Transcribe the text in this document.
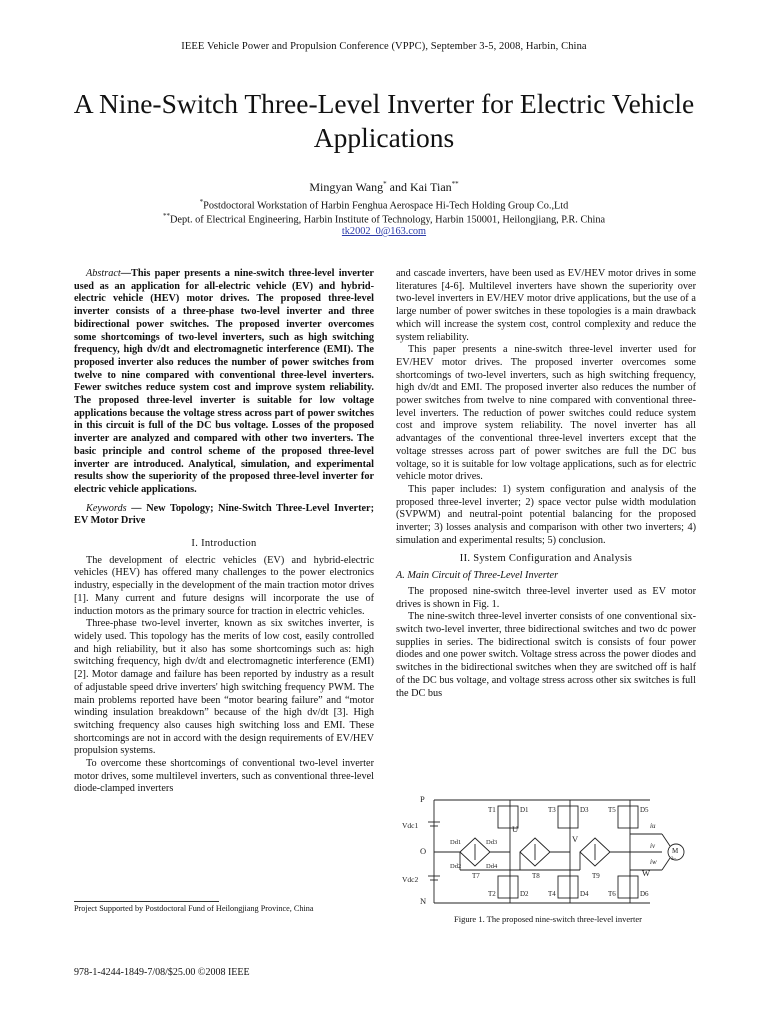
IEEE Vehicle Power and Propulsion Conference (VPPC), September 3-5, 2008, Harbin, China
A Nine-Switch Three-Level Inverter for Electric Vehicle Applications
Mingyan Wang* and Kai Tian**
*Postdoctoral Workstation of Harbin Fenghua Aerospace Hi-Tech Holding Group Co.,Ltd
**Dept. of Electrical Engineering, Harbin Institute of Technology, Harbin 150001, Heilongjiang, P.R. China
tk2002_0@163.com

Abstract—This paper presents a nine-switch three-level inverter used as an application for all-electric vehicle (EV) and hybrid-electric vehicle (HEV) motor drives. The proposed three-level inverter consists of a three-phase two-level inverter and three bidirectional power switches. The proposed inverter overcomes some shortcomings of two-level inverters, such as high switching frequency, high dv/dt and electromagnetic interference (EMI). The proposed inverter also reduces the number of power switches from twelve to nine compared with conventional three-level inverters. Fewer switches reduce system cost and improve system reliability. The proposed three-level inverter is suitable for low voltage applications because the voltage stress across part of power switches in this circuit is full of the DC bus voltage. Losses of the proposed inverter are analyzed and compared with other two inverters. The basic principle and control scheme of the proposed three-level inverter are introduced. Analytical, simulation, and experimental results show the superiority of the proposed three-level inverter for electric vehicle applications.

Keywords — New Topology; Nine-Switch Three-Level Inverter; EV Motor Drive

I. Introduction

The development of electric vehicles (EV) and hybrid-electric vehicles (HEV) has offered many challenges to the power electronics industry, especially in the development of the main traction motor drives [1]. Many current and future designs will incorporate the use of induction motors as the primary source for traction in electric vehicles.

Three-phase two-level inverter, known as six switches inverter, is widely used. This topology has the merits of low cost, easily controlled and high reliability, but it also has some shortcomings such as: high switching frequency, high dv/dt and electromagnetic interference (EMI) [2]. Motor damage and failure has been reported by industry as a result of adjustable speed drive inverters' high switching frequency PWM. The main problems reported have been “motor bearing failure” and “motor winding insulation breakdown” because of the high dv/dt [3]. High switching frequency also causes high switching loss and EMI. These shortcomings are not in accord with the design requirements of EV/HEV propulsion systems.

To overcome these shortcomings of conventional two-level inverter motor drives, some multilevel inverters, such as conventional three-level diode-clamped inverters

Project Supported by Postdoctoral Fund of Heilongjiang Province, China
978-1-4244-1849-7/08/$25.00 ©2008 IEEE

and cascade inverters, have been used as EV/HEV motor drives in some literatures [4-6]. Multilevel inverters have shown the superiority over two-level inverters in EV/HEV motor drive applications, but the use of a large number of power switches in these topologies is a main drawback which will increase the system cost, control complexity and reduce the system reliability.

This paper presents a nine-switch three-level inverter used for EV/HEV motor drives. The proposed inverter overcomes some shortcomings of two-level inverters, such as high switching frequency, high dv/dt and EMI. The proposed inverter also reduces the number of power switches from twelve to nine compared with conventional three-level inverters. The reduction of power switches could reduce system cost and improve system reliability. The novel inverter has all advantages of the conventional three-level inverters except that the voltage stresses across part of power switches are full the DC bus voltage, so it is suitable for low voltage applications, such as for electric vehicle motor drives.

This paper includes: 1) system configuration and analysis of the proposed three-level inverter; 2) space vector pulse width modulation (SVPWM) and neutral-point potential balancing for the proposed inverter; 3) losses analysis and comparison with other two inverters; 4) simulation and experimental results; 5) conclusion.

II. System Configuration and Analysis
A. Main Circuit of Three-Level Inverter

The proposed nine-switch three-level inverter used as EV motor drives is shown in Fig. 1.

The nine-switch three-level inverter consists of one conventional six-switch two-level inverter, three bidirectional switches and two dc power supplies in series. The bidirectional switch is consists of four power diodes and one power switch. Voltage stress across the power diodes and switches in the bidirectional switches when they are switched off is half of the DC bus voltage, and voltage stress across other six switches is full the DC bus

P
O
N
Vdc1
Vdc2
T1	D1	T3	D3	T5	D5
T2	D2	T4	D4	T6	D6
T7	T8	T9
Dd1
Dd2
Dd3
Dd4
U
V
W
iu
iv
iw
M
3~
Figure 1. The proposed nine-switch three-level inverter
